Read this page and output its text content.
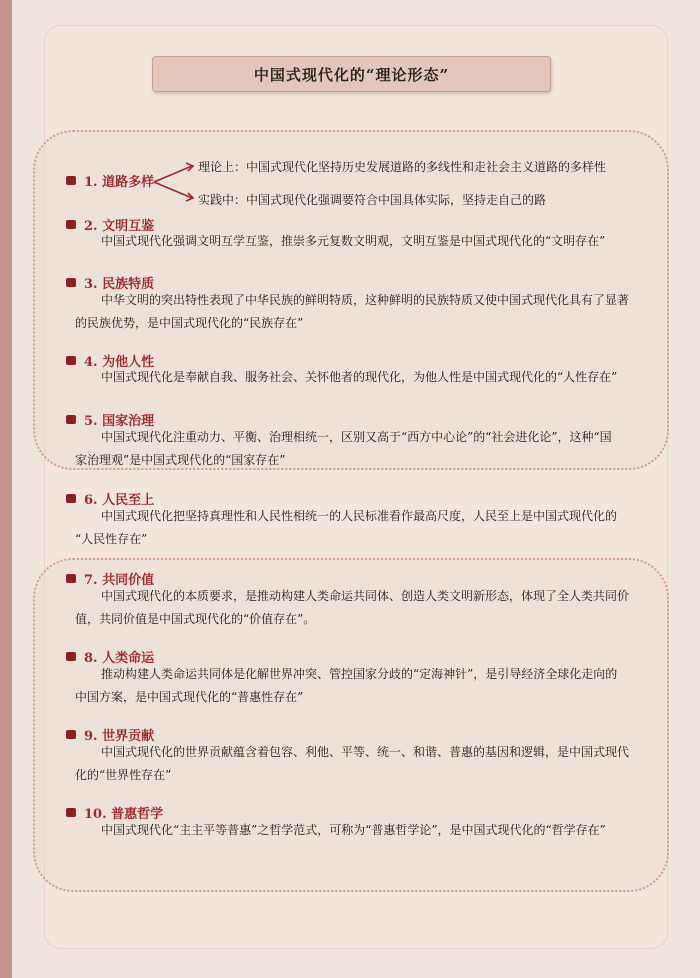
中国式现代化的“理论形态”
1. 道路多样
理论上：中国式现代化坚持历史发展道路的多线性和走社会主义道路的多样性
实践中：中国式现代化强调要符合中国具体实际，坚持走自己的路
2. 文明互鉴
中国式现代化强调文明互学互鉴，推崇多元复数文明观，文明互鉴是中国式现代化的“文明存在”
3. 民族特质
中华文明的突出特性表现了中华民族的鲜明特质，这种鲜明的民族特质又使中国式现代化具有了显著
的民族优势，是中国式现代化的“民族存在”
4. 为他人性
中国式现代化是奉献自我、服务社会、关怀他者的现代化，为他人性是中国式现代化的“人性存在”
5. 国家治理
中国式现代化注重动力、平衡、治理相统一，区别又高于“西方中心论”的“社会进化论”，这种“国
家治理观”是中国式现代化的“国家存在”
6. 人民至上
中国式现代化把坚持真理性和人民性相统一的人民标准看作最高尺度，人民至上是中国式现代化的
“人民性存在”
7. 共同价值
中国式现代化的本质要求，是推动构建人类命运共同体、创造人类文明新形态，体现了全人类共同价
值，共同价值是中国式现代化的“价值存在”。
8. 人类命运
推动构建人类命运共同体是化解世界冲突、管控国家分歧的“定海神针”，是引导经济全球化走向的
中国方案，是中国式现代化的“普惠性存在”
9. 世界贡献
中国式现代化的世界贡献蕴含着包容、利他、平等、统一、和谐、普惠的基因和逻辑，是中国式现代
化的“世界性存在”
10. 普惠哲学
中国式现代化“主主平等普惠”之哲学范式，可称为“普惠哲学论”，是中国式现代化的“哲学存在”
